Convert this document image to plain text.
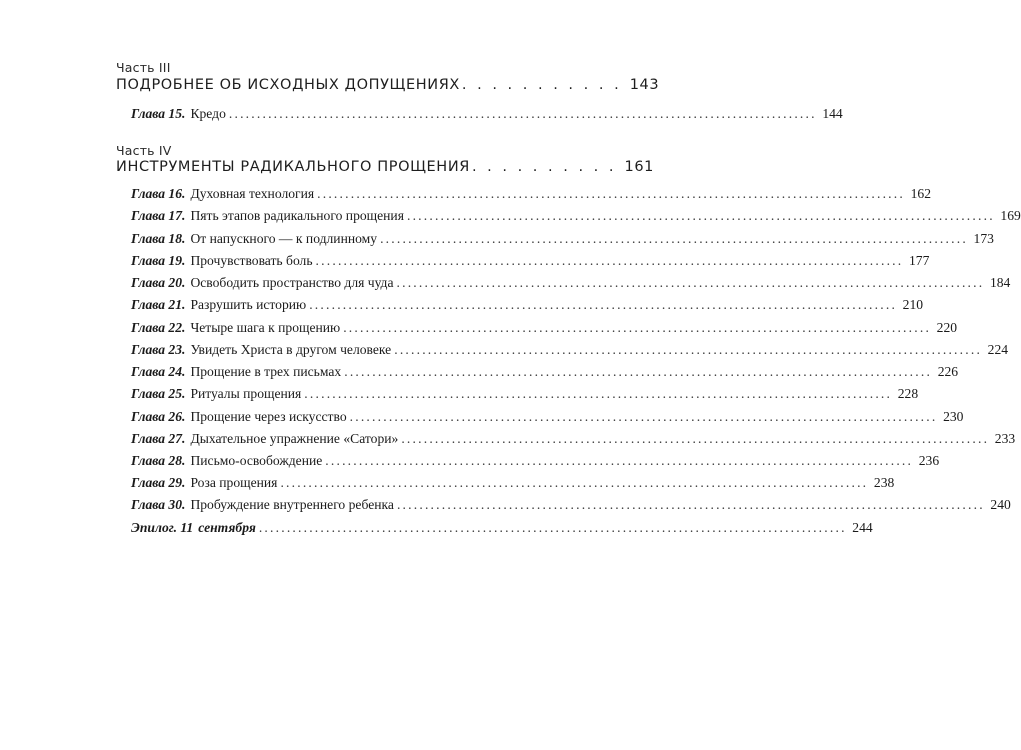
Часть III
ПОДРОБНЕЕ ОБ ИСХОДНЫХ ДОПУЩЕНИЯХ . . . . . . . . . . . 143
Глава 15. Кредо ......................................................................................................... 144
Часть IV
ИНСТРУМЕНТЫ РАДИКАЛЬНОГО ПРОЩЕНИЯ . . . . . . . . . . 161
Глава 16. Духовная технология ......................................................................................................... 162
Глава 17. Пять этапов радикального прощения ......................................................................................................... 169
Глава 18. От напускного — к подлинному ......................................................................................................... 173
Глава 19. Прочувствовать боль ......................................................................................................... 177
Глава 20. Освободить пространство для чуда ......................................................................................................... 184
Глава 21. Разрушить историю ......................................................................................................... 210
Глава 22. Четыре шага к прощению ......................................................................................................... 220
Глава 23. Увидеть Христа в другом человеке ......................................................................................................... 224
Глава 24. Прощение в трех письмах ......................................................................................................... 226
Глава 25. Ритуалы прощения ......................................................................................................... 228
Глава 26. Прощение через искусство ......................................................................................................... 230
Глава 27. Дыхательное упражнение «Сатори» ......................................................................................................... 233
Глава 28. Письмо-освобождение ......................................................................................................... 236
Глава 29. Роза прощения ......................................................................................................... 238
Глава 30. Пробуждение внутреннего ребенка ......................................................................................................... 240
Эпилог. 11 сентября ......................................................................................................... 244
